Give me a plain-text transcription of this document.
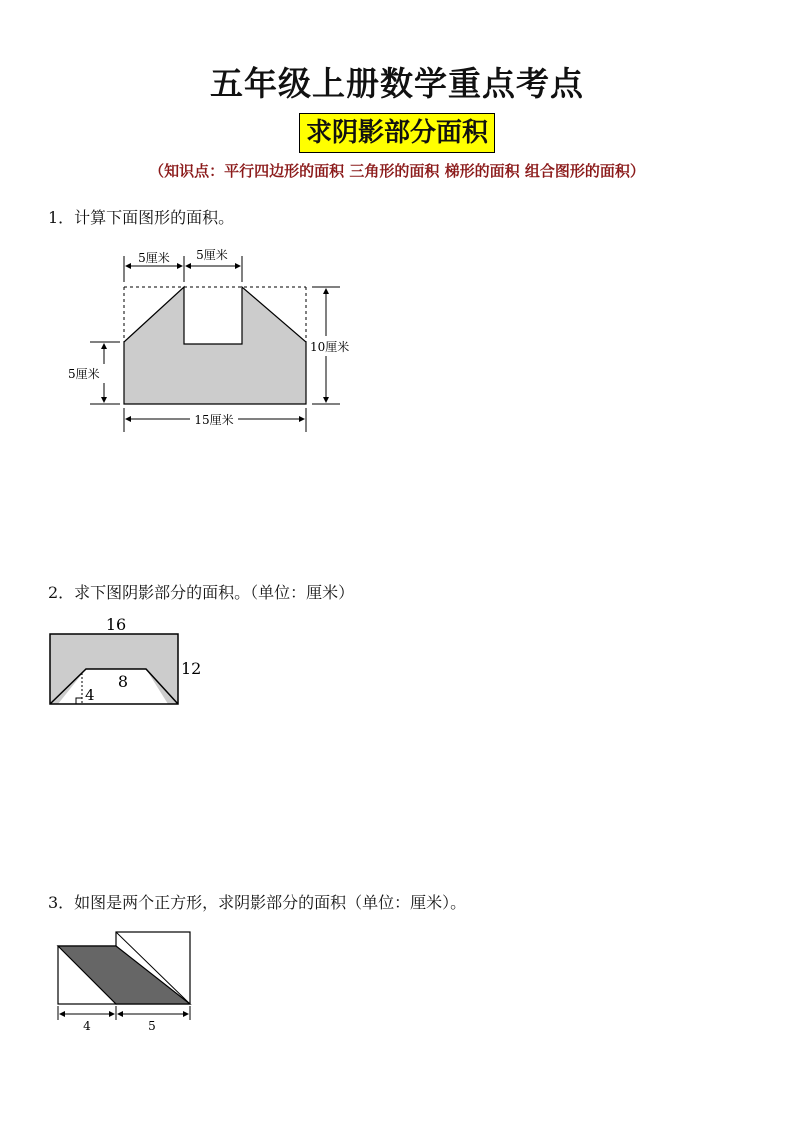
五年级上册数学重点考点
求阴影部分面积
（知识点：平行四边形的面积 三角形的面积 梯形的面积 组合图形的面积）
1．计算下面图形的面积。
5厘米 5厘米
10厘米
5厘米
15厘米
2．求下图阴影部分的面积。（单位：厘米）
16
12
8
4
3．如图是两个正方形，求阴影部分的面积（单位：厘米）。
4	5
